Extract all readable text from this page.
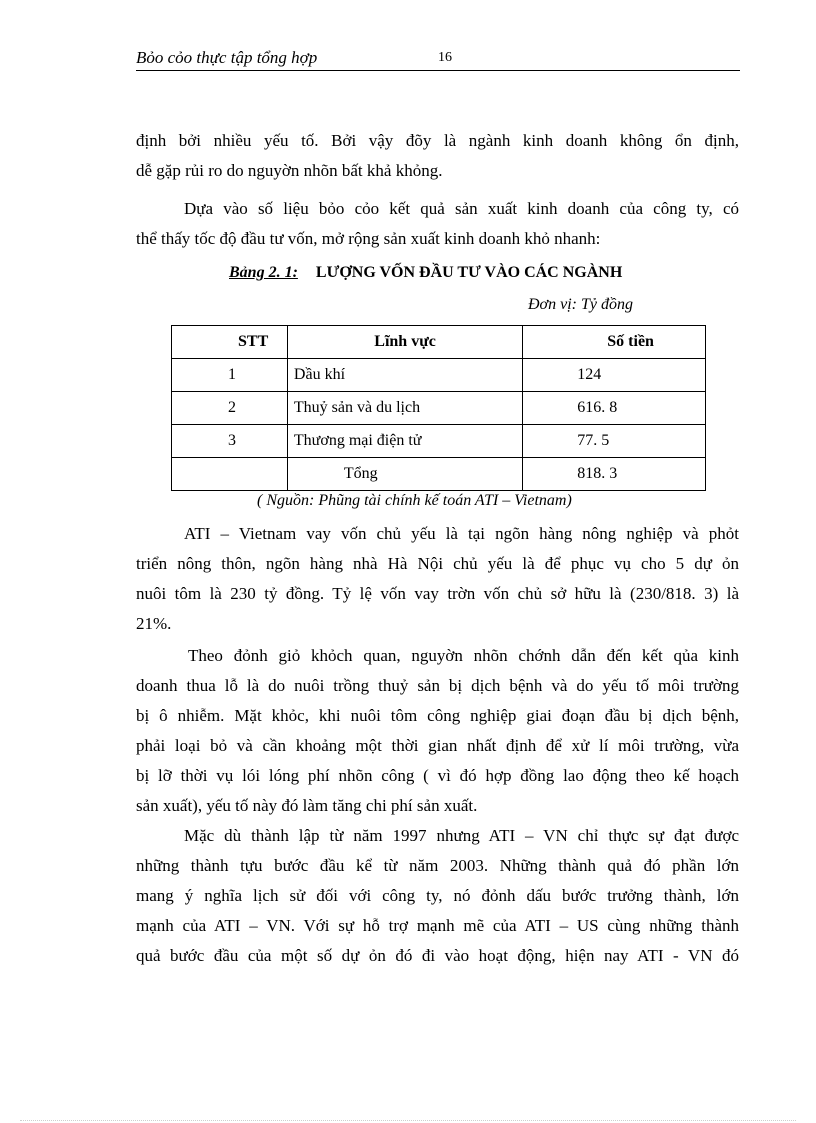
Bỏo cỏo thực tập tổng hợp	16
định bởi nhiều yếu tố. Bởi vậy đõy là ngành kinh doanh không ổn định,
dễ gặp rủi ro do nguyờn nhõn bất khả khỏng.
Dựa vào số liệu bỏo cỏo kết quả sản xuất kinh doanh của công ty, có
thể thấy tốc độ đầu tư vốn, mở rộng sản xuất kinh doanh khỏ nhanh:
Bảng 2. 1: LƯỢNG VỐN ĐẦU TƯ VÀO CÁC NGÀNH
Đơn vị: Tỷ đồng
STT	Lĩnh vực	Số tiền
1	Dầu khí	124
2	Thuỷ sản và du lịch	616. 8
3	Thương mại điện tử	77. 5
	Tổng	818. 3
( Nguồn: Phũng tài chính kế toán ATI – Vietnam)
ATI – Vietnam vay vốn chủ yếu là tại ngõn hàng nông nghiệp và phỏt
triển nông thôn, ngõn hàng nhà Hà Nội chủ yếu là để phục vụ cho 5 dự ỏn
nuôi tôm là 230 tỷ đồng. Tỷ lệ vốn vay trờn vốn chủ sở hữu là (230/818. 3) là
21%.
Theo đỏnh giỏ khỏch quan, nguyờn nhõn chớnh dẫn đến kết qủa kinh
doanh thua lỗ là do nuôi trồng thuỷ sản bị dịch bệnh và do yếu tố môi trường
bị ô nhiễm. Mặt khỏc, khi nuôi tôm công nghiệp giai đoạn đầu bị dịch bệnh,
phải loại bỏ và cần khoảng một thời gian nhất định để xử lí môi trường, vừa
bị lỡ thời vụ lói lóng phí nhõn công ( vì đó hợp đồng lao động theo kế hoạch
sản xuất), yếu tố này đó làm tăng chi phí sản xuất.
Mặc dù thành lập từ năm 1997 nhưng ATI – VN chỉ thực sự đạt được
những thành tựu bước đầu kể từ năm 2003. Những thành quả đó phần lớn
mang ý nghĩa lịch sử đối với công ty, nó đỏnh dấu bước trưởng thành, lớn
mạnh của ATI – VN. Với sự hỗ trợ mạnh mẽ của ATI – US cùng những thành
quả bước đầu của một số dự ỏn đó đi vào hoạt động, hiện nay ATI - VN đó
